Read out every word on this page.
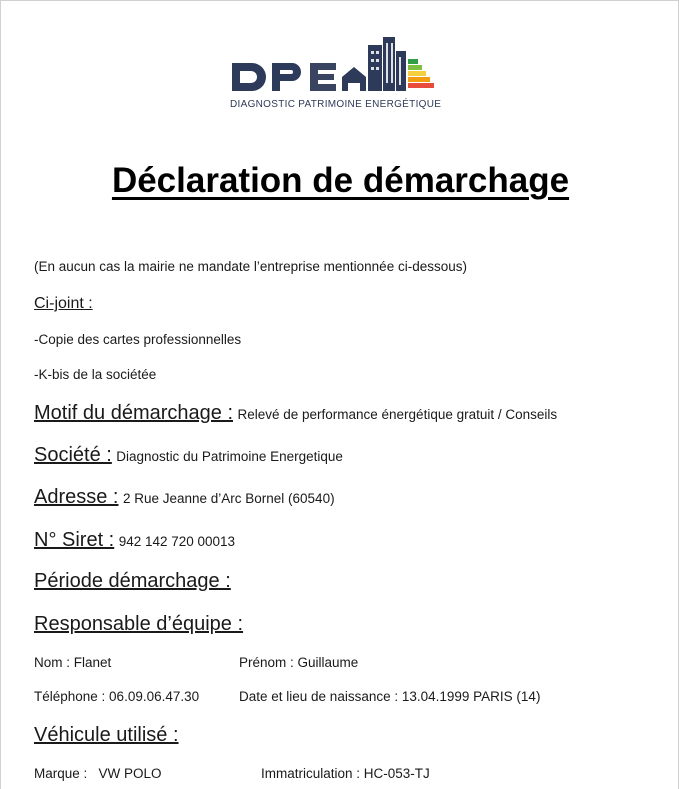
DPE
DIAGNOSTIC PATRIMOINE ENERGÉTIQUE
Déclaration de démarchage
(En aucun cas la mairie ne mandate l’entreprise mentionnée ci-dessous)
Ci-joint :
-Copie des cartes professionnelles
-K-bis de la sociétée
Motif du démarchage : Relevé de performance énergétique gratuit / Conseils
Société : Diagnostic du Patrimoine Energetique
Adresse : 2 Rue Jeanne d’Arc Bornel (60540)
N° Siret : 942 142 720 00013
Période démarchage :
Responsable d’équipe :
Nom : Flanet	Prénom : Guillaume
Téléphone : 06.09.06.47.30	Date et lieu de naissance : 13.04.1999 PARIS (14)
Véhicule utilisé :
Marque :   VW POLO	Immatriculation : HC-053-TJ
